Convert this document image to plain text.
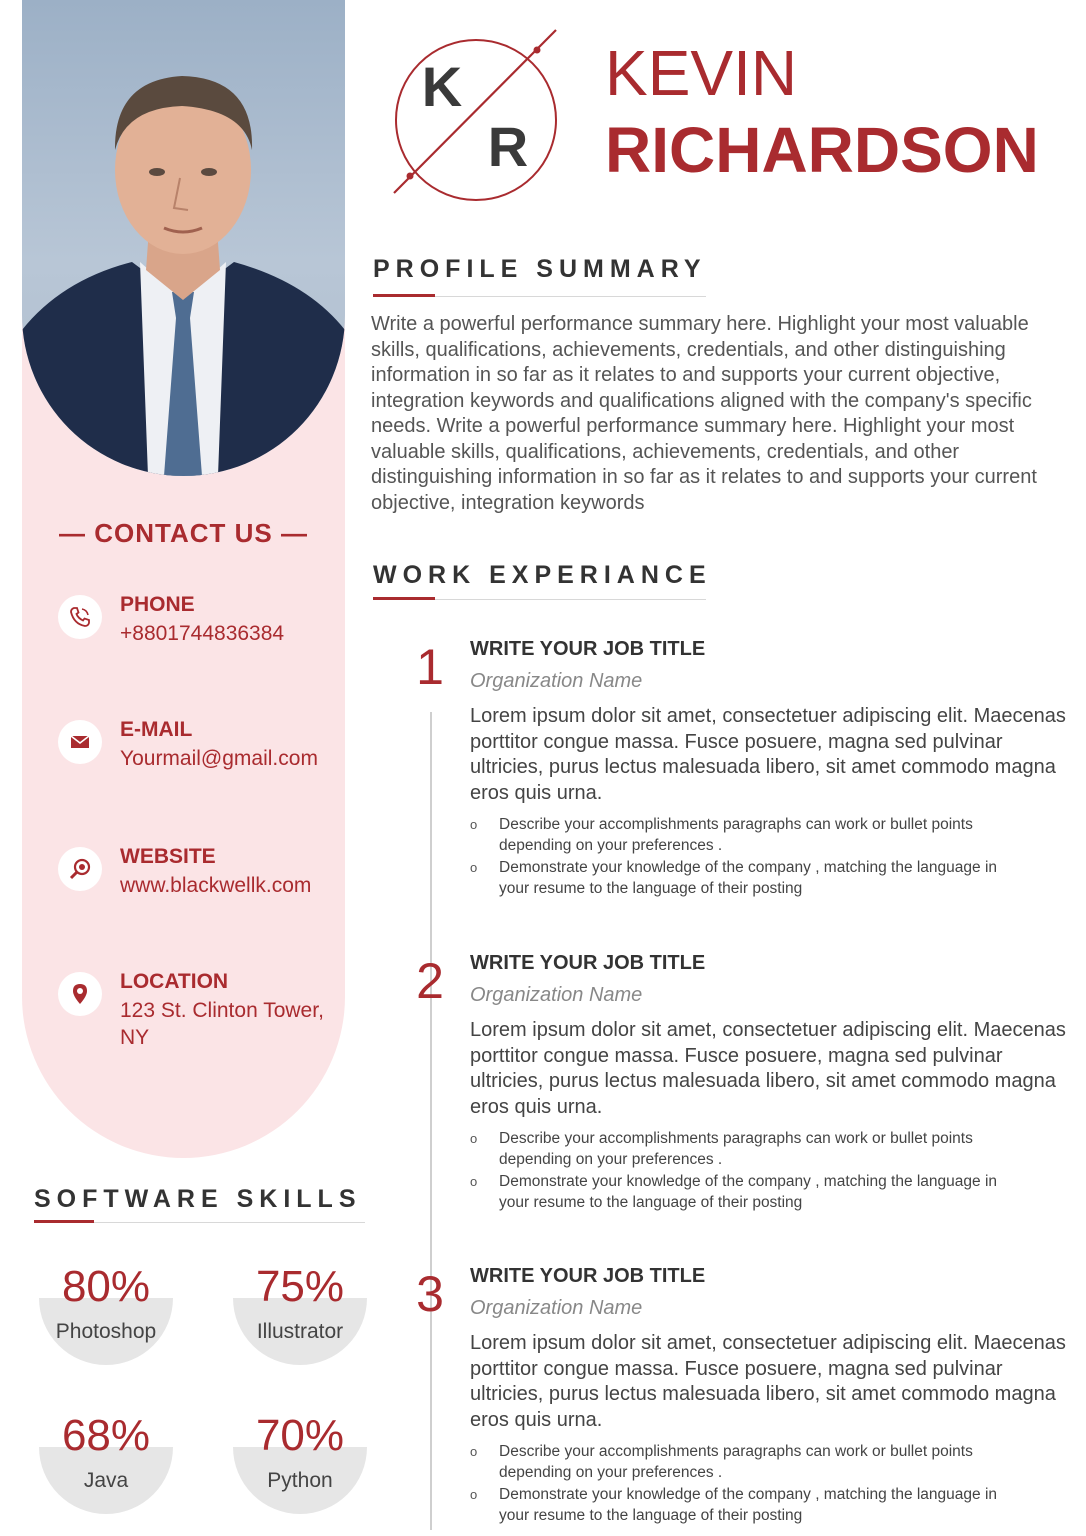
— CONTACT US —
PHONE
+8801744836384
E-MAIL
Yourmail@gmail.com
WEBSITE
www.blackwellk.com
LOCATION
123 St. Clinton Tower, NY
SOFTWARE SKILLS
80%
Photoshop
75%
Illustrator
68%
Java
70%
Python
K
R
KEVIN
RICHARDSON
PROFILE SUMMARY
Write a powerful performance summary here. Highlight your most valuable skills, qualifications, achievements, credentials, and other distinguishing information in so far as it relates to and supports your current objective, integration keywords and qualifications aligned with the company's specific needs. Write a powerful performance summary here. Highlight your most valuable skills, qualifications, achievements, credentials, and other distinguishing information in so far as it relates to and supports your current objective, integration keywords
WORK EXPERIANCE
1	WRITE YOUR JOB TITLE
Organization Name
Lorem ipsum dolor sit amet, consectetuer adipiscing elit. Maecenas porttitor congue massa. Fusce posuere, magna sed pulvinar ultricies, purus lectus malesuada libero, sit amet commodo magna eros quis urna.
o Describe your accomplishments paragraphs can work or bullet points depending on your preferences .
o Demonstrate your knowledge of the company , matching the language in your resume to the language of their posting
2	WRITE YOUR JOB TITLE
Organization Name
Lorem ipsum dolor sit amet, consectetuer adipiscing elit. Maecenas porttitor congue massa. Fusce posuere, magna sed pulvinar ultricies, purus lectus malesuada libero, sit amet commodo magna eros quis urna.
o Describe your accomplishments paragraphs can work or bullet points depending on your preferences .
o Demonstrate your knowledge of the company , matching the language in your resume to the language of their posting
3	WRITE YOUR JOB TITLE
Organization Name
Lorem ipsum dolor sit amet, consectetuer adipiscing elit. Maecenas porttitor congue massa. Fusce posuere, magna sed pulvinar ultricies, purus lectus malesuada libero, sit amet commodo magna eros quis urna.
o Describe your accomplishments paragraphs can work or bullet points depending on your preferences .
o Demonstrate your knowledge of the company , matching the language in your resume to the language of their posting
